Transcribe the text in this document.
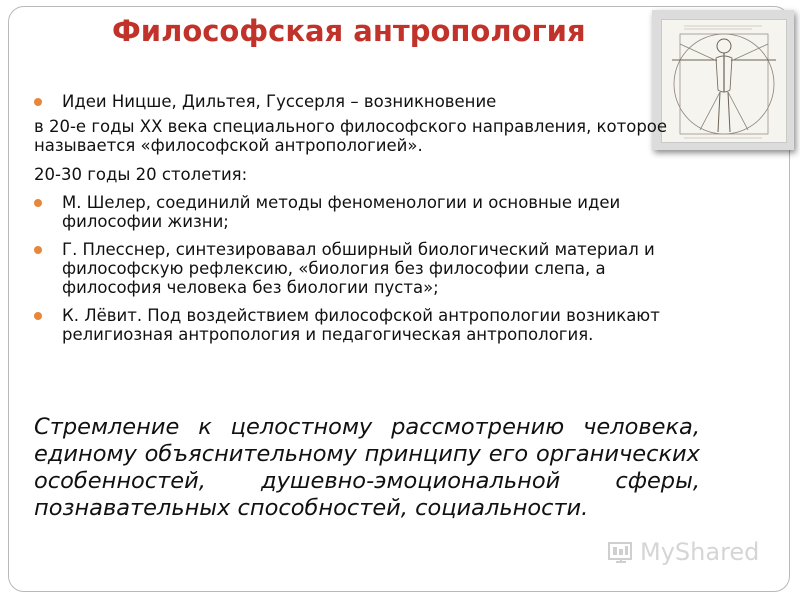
Философская антропология

Идеи Ницше, Дильтея, Гуссерля – возникновение

в 20-е годы XX века специального философского направления, которое называется «философской антропологией».

20-30 годы 20 столетия:

М. Шелер, соединилй методы феноменологии и основные идеи философии жизни;

Г. Плесснер, синтезировавал обширный биологический материал и философскую рефлексию, «биология без философии слепа, а философия человека без биологии пуста»;

К. Лёвит. Под воздействием философской антропологии возникают религиозная антропология и педагогическая антропология.

Стремление к целостному рассмотрению человека, единому объяснительному принципу его органических особенностей, душевно-эмоциональной сферы, познавательных способностей, социальности.
MyShared
